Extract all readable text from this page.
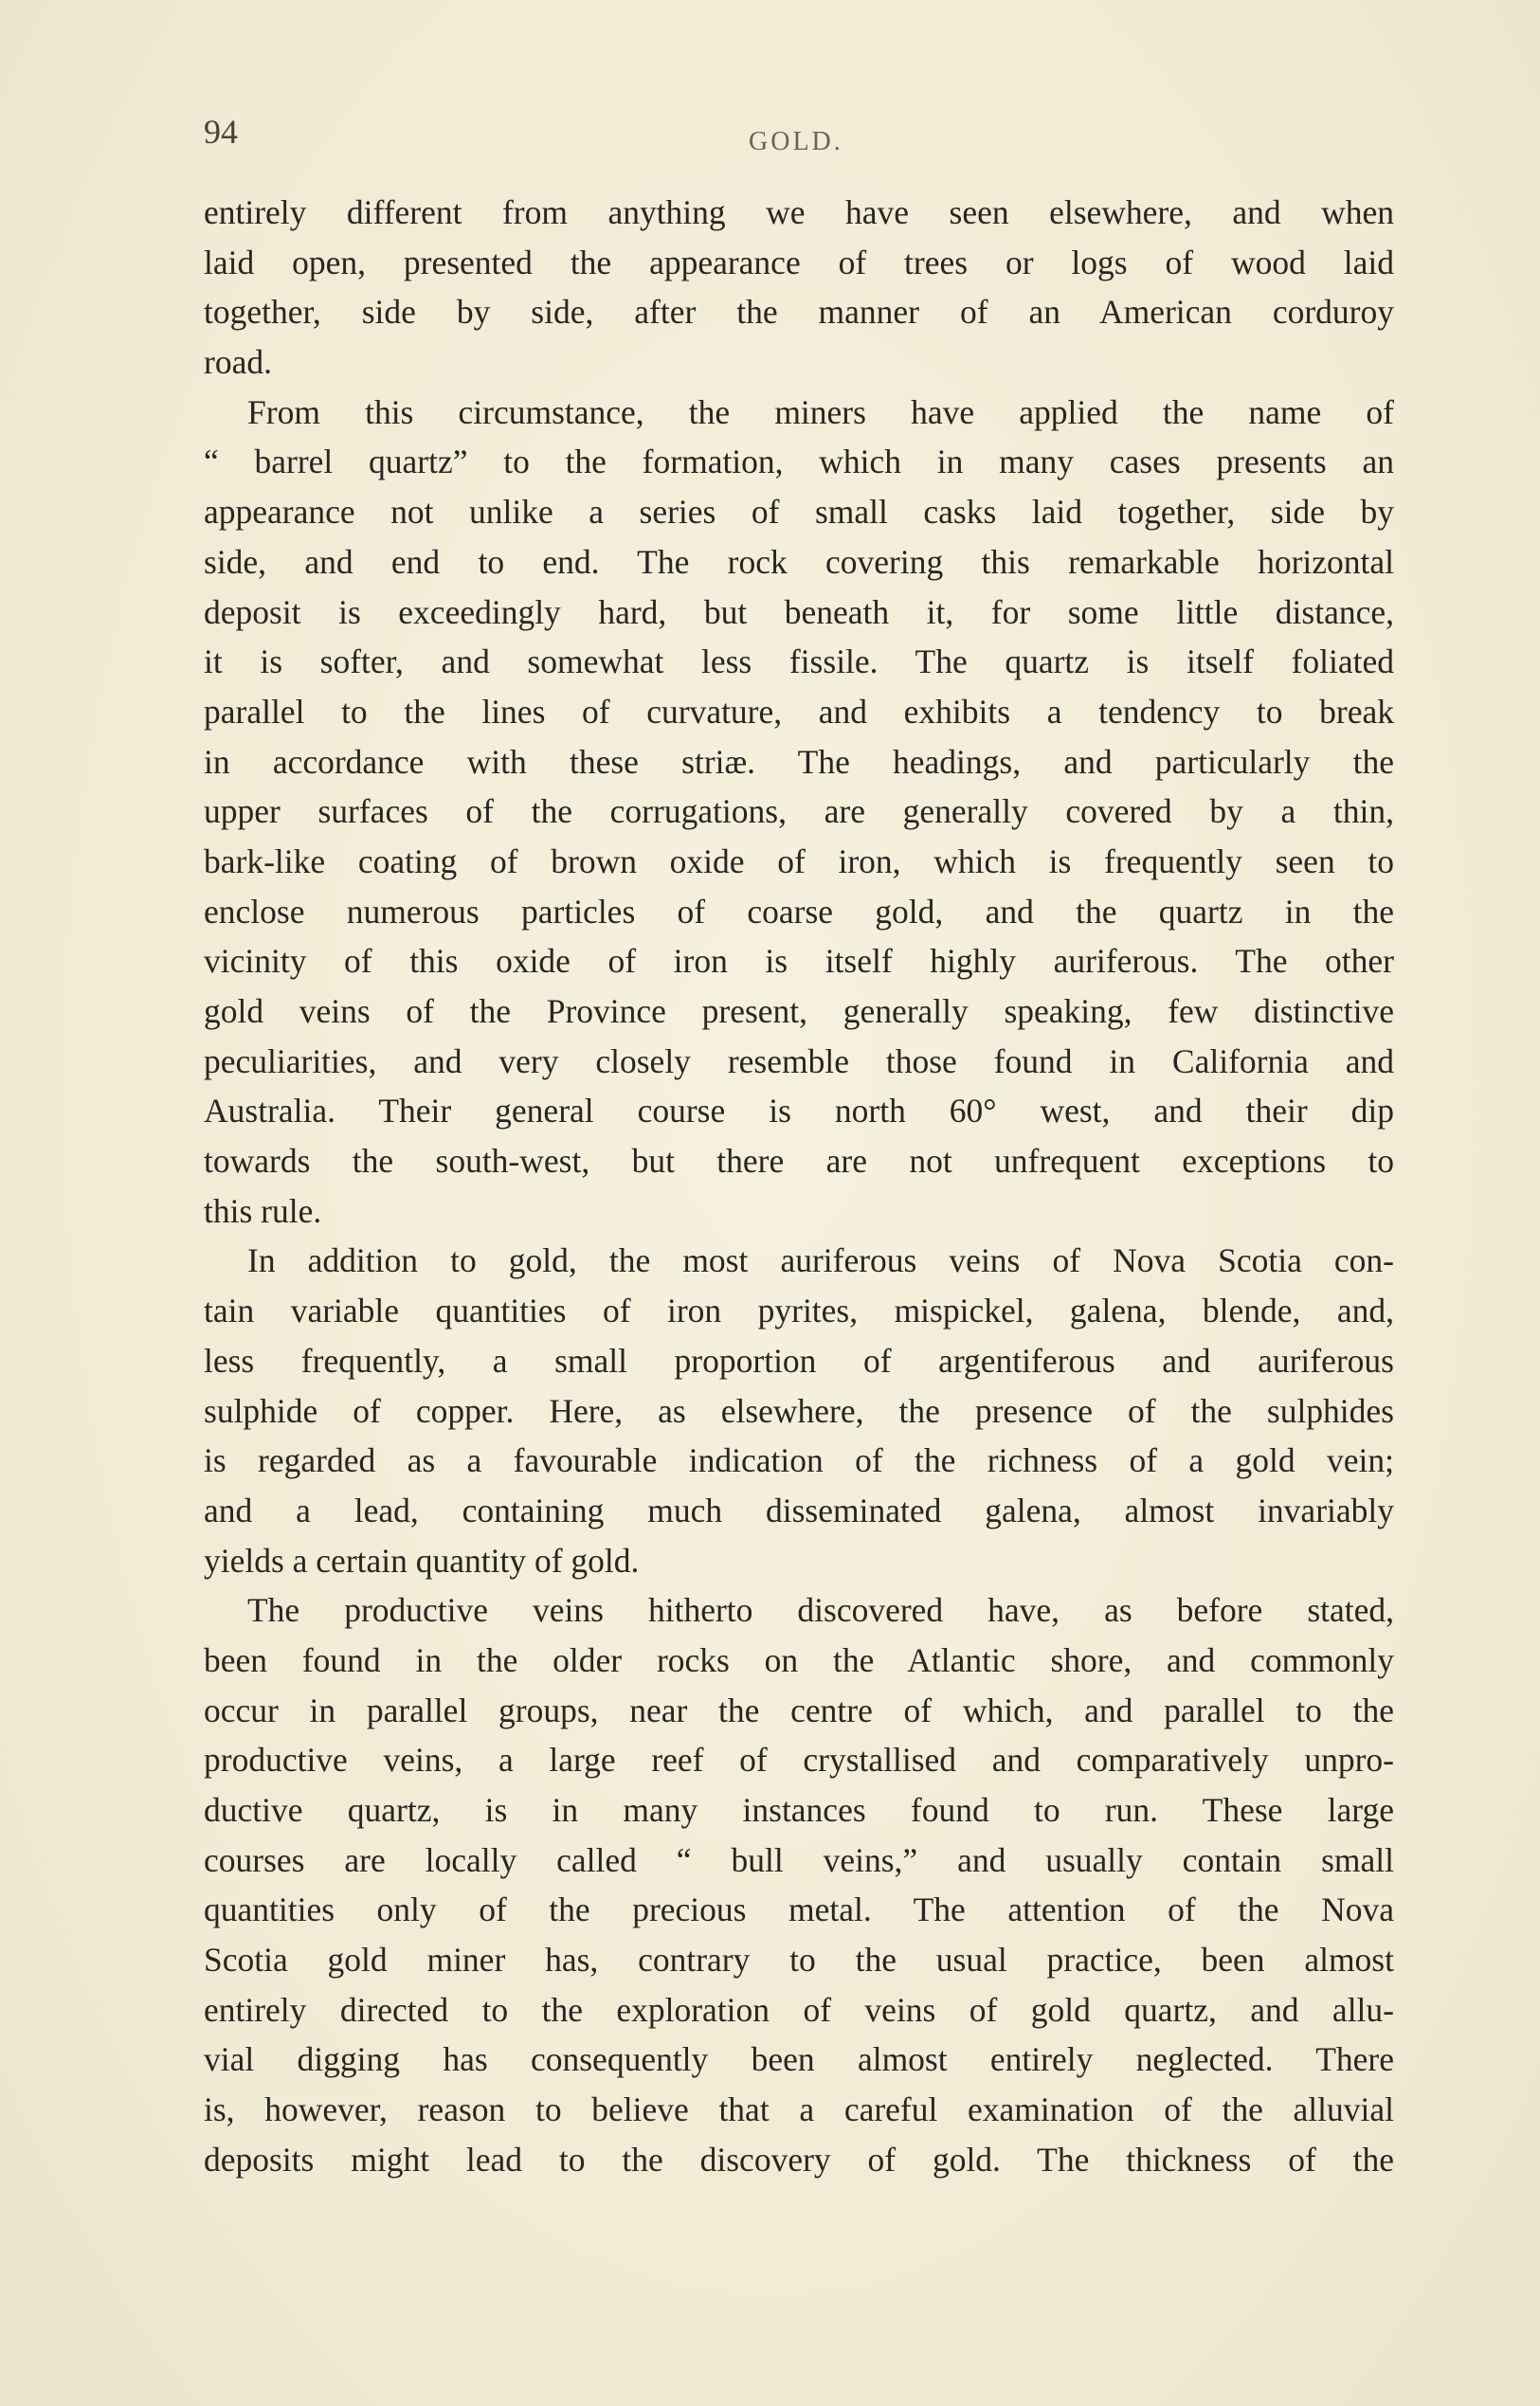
94	GOLD.
entirely different from anything we have seen elsewhere, and when
laid open, presented the appearance of trees or logs of wood laid
together, side by side, after the manner of an American corduroy
road.
From this circumstance, the miners have applied the name of
“ barrel quartz” to the formation, which in many cases presents an
appearance not unlike a series of small casks laid together, side by
side, and end to end. The rock covering this remarkable horizontal
deposit is exceedingly hard, but beneath it, for some little distance,
it is softer, and somewhat less fissile. The quartz is itself foliated
parallel to the lines of curvature, and exhibits a tendency to break
in accordance with these striæ. The headings, and particularly the
upper surfaces of the corrugations, are generally covered by a thin,
bark-like coating of brown oxide of iron, which is frequently seen to
enclose numerous particles of coarse gold, and the quartz in the
vicinity of this oxide of iron is itself highly auriferous. The other
gold veins of the Province present, generally speaking, few distinctive
peculiarities, and very closely resemble those found in California and
Australia. Their general course is north 60° west, and their dip
towards the south-west, but there are not unfrequent exceptions to
this rule.
In addition to gold, the most auriferous veins of Nova Scotia con-
tain variable quantities of iron pyrites, mispickel, galena, blende, and,
less frequently, a small proportion of argentiferous and auriferous
sulphide of copper. Here, as elsewhere, the presence of the sulphides
is regarded as a favourable indication of the richness of a gold vein;
and a lead, containing much disseminated galena, almost invariably
yields a certain quantity of gold.
The productive veins hitherto discovered have, as before stated,
been found in the older rocks on the Atlantic shore, and commonly
occur in parallel groups, near the centre of which, and parallel to the
productive veins, a large reef of crystallised and comparatively unpro-
ductive quartz, is in many instances found to run. These large
courses are locally called “ bull veins,” and usually contain small
quantities only of the precious metal. The attention of the Nova
Scotia gold miner has, contrary to the usual practice, been almost
entirely directed to the exploration of veins of gold quartz, and allu-
vial digging has consequently been almost entirely neglected. There
is, however, reason to believe that a careful examination of the alluvial
deposits might lead to the discovery of gold. The thickness of the
